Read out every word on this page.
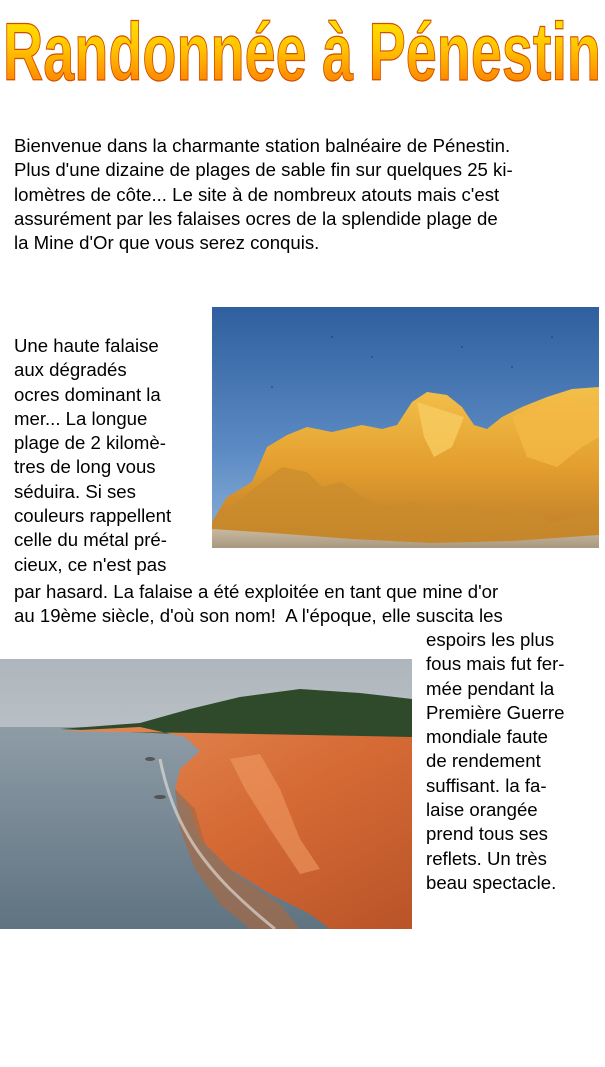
Randonnée à Pénestin

Bienvenue dans la charmante station balnéaire de Pénestin.
Plus d'une dizaine de plages de sable fin sur quelques 25 ki-
lomètres de côte... Le site à de nombreux atouts mais c'est
assurément par les falaises ocres de la splendide plage de
la Mine d'Or que vous serez conquis.

Une haute falaise
aux dégradés
ocres dominant la
mer... La longue
plage de 2 kilomè-
tres de long vous
séduira. Si ses
couleurs rappellent
celle du métal pré-
cieux, ce n'est pas

par hasard. La falaise a été exploitée en tant que mine d'or
au 19ème siècle, d'où son nom!  A l'époque, elle suscita les

espoirs les plus
fous mais fut fer-
mée pendant la
Première Guerre
mondiale faute
de rendement
suffisant. la fa-
laise orangée
prend tous ses
reflets. Un très
beau spectacle.
